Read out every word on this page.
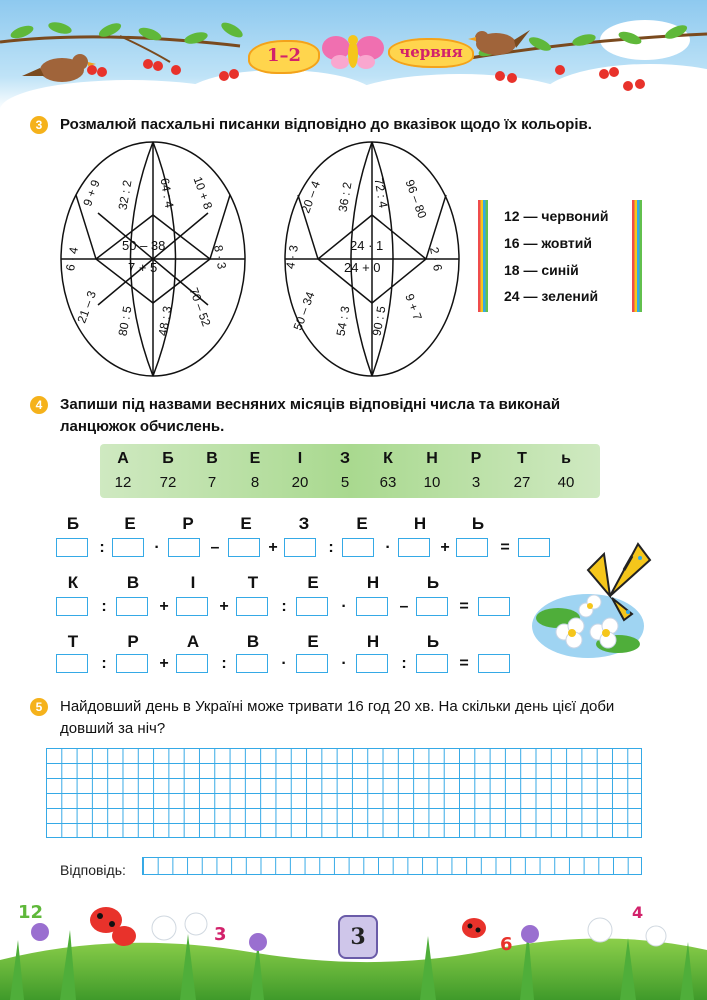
1–2	червня
3	Розмалюй пасхальні писанки відповідно до вказівок щодо їх кольорів.
9 + 9 32 : 2 64 : 4 10 + 8
6 · 4
50 – 38
7 + 5	8 · 3
21 – 3 80 : 5 48 : 3 70 – 52
20 – 4 36 : 2 72 : 4 96 – 80
4 · 3	24 · 1
24 + 0	2 · 6
50 – 34 54 : 3 90 : 5 9 + 7
12 — червоний
16 — жовтий
18 — синій
24 — зелений
4	Запиши під назвами весняних місяців відповідні числа та виконай
ланцюжок обчислень.
А	Б	В	Е	І	З	К	Н	Р	Т	ь
12	72	7	8	20	5	63	10	3	27	40
Б	Е	Р	Е	З	Е	Н	Ь
:	·	–	+	:	·	+	=
К	В	І	Т	Е	Н	Ь
:	+	+	:	·	–	=
Т	Р	А	В	Е	Н	Ь
:	+	:	·	·	:	=
5	Найдовший день в Україні може тривати 16 год 20 хв. На скільки день цієї доби
довший за ніч?
Відповідь:
12
3	6
4
3
